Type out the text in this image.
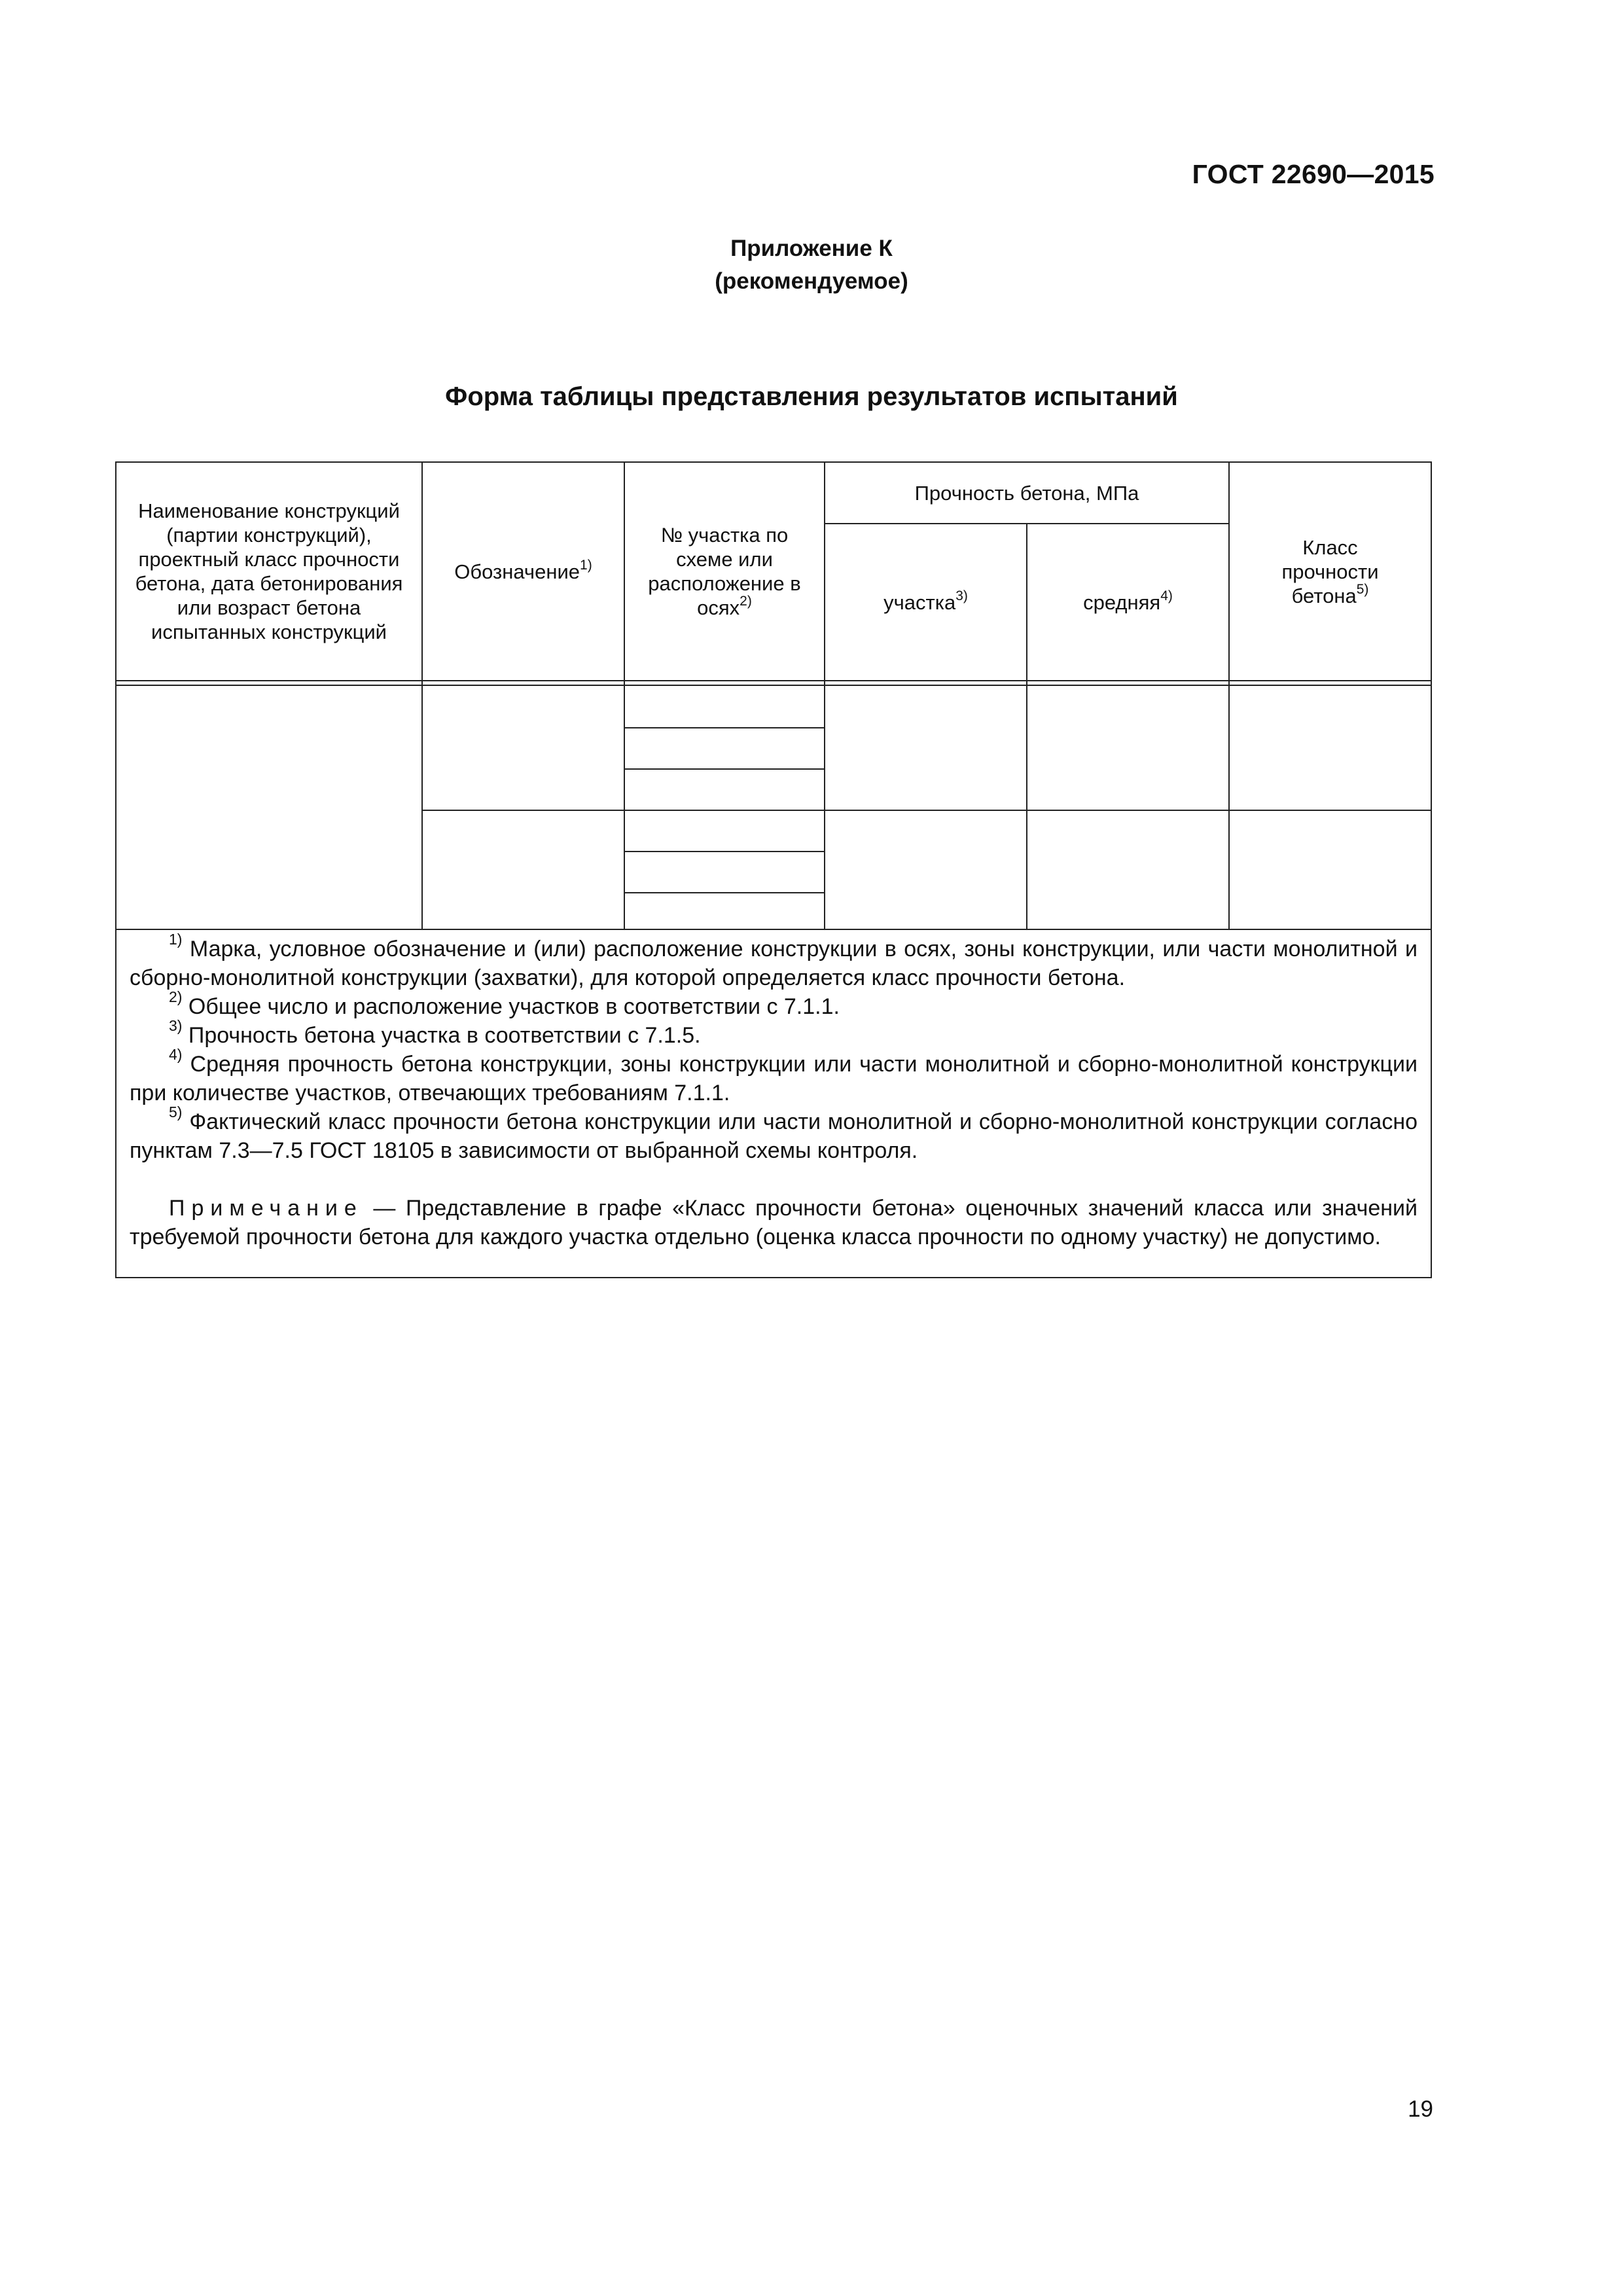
ГОСТ 22690—2015
Приложение К
(рекомендуемое)
Форма таблицы представления результатов испытаний
Наименование конструкций (партии конструкций), проектный класс прочности бетона, дата бетонирования или возраст бетона испытанных конструкций
Обозначение$^{1)}$
№ участка по схеме или расположение в осях$^{2)}$
Прочность бетона, МПа
участка$^{3)}$	средняя$^{4)}$
Класс прочности бетона$^{5)}$

$^{1)}$ Марка, условное обозначение и (или) расположение конструкции в осях, зоны конструкции, или части монолитной и сборно-монолитной конструкции (захватки), для которой определяется класс прочности бетона.

$^{2)}$ Общее число и расположение участков в соответствии с 7.1.1.

$^{3)}$ Прочность бетона участка в соответствии с 7.1.5.

$^{4)}$ Средняя прочность бетона конструкции, зоны конструкции или части монолитной и сборно-монолитной конструкции при количестве участков, отвечающих требованиям 7.1.1.

$^{5)}$ Фактический класс прочности бетона конструкции или части монолитной и сборно-монолитной конструкции согласно пунктам 7.3—7.5 ГОСТ 18105 в зависимости от выбранной схемы контроля.

Примечание — Представление в графе «Класс прочности бетона» оценочных значений класса или значений требуемой прочности бетона для каждого участка отдельно (оценка класса прочности по одному участку) не допустимо.

19
